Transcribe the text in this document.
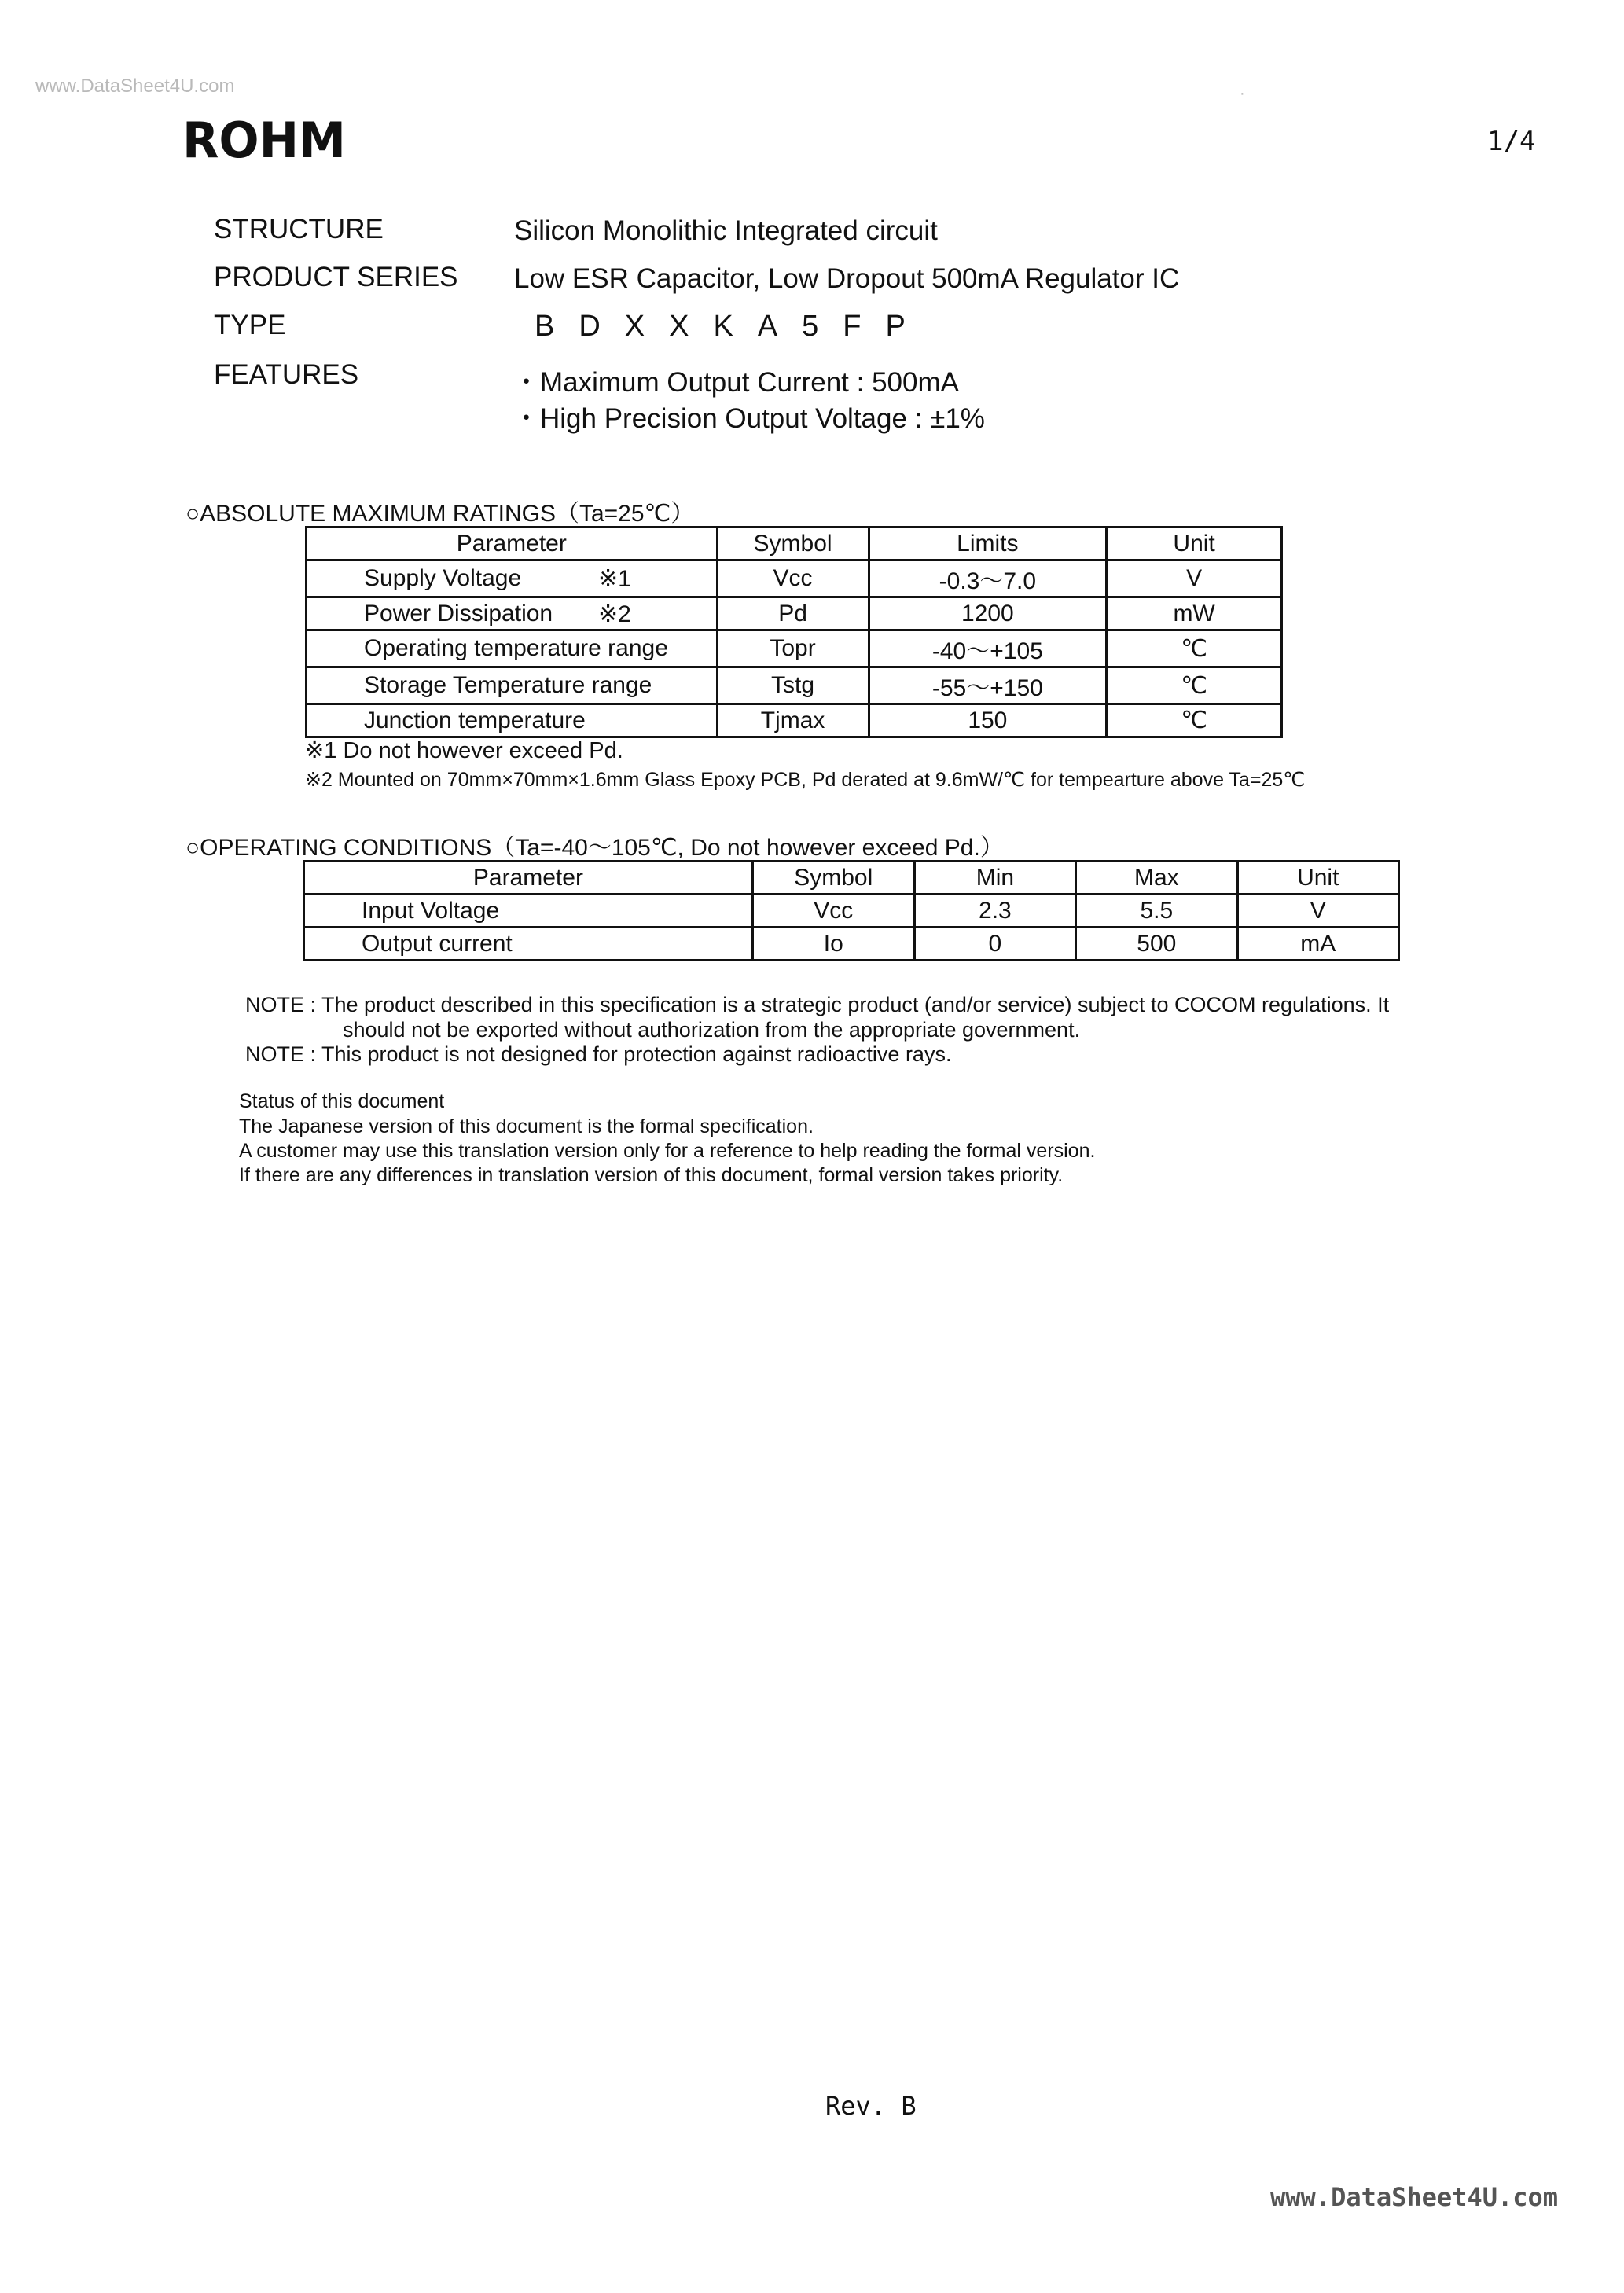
www.DataSheet4U.com	·
ROHM	1/4
STRUCTURE	Silicon Monolithic Integrated circuit
PRODUCT SERIES Low ESR Capacitor, Low Dropout 500mA Regulator IC
TYPE	BDXXKA5FP
FEATURES	・Maximum Output Current : 500mA
・High Precision Output Voltage : ±1%
○ABSOLUTE MAXIMUM RATINGS（Ta=25℃）
Parameter	Symbol	Limits	Unit
Supply Voltage ※1	Vcc	-0.3〜7.0	V
Power Dissipation ※2	Pd	1200	mW
Operating temperature range	Topr	-40〜+105	℃
Storage Temperature range	Tstg	-55〜+150	℃
Junction temperature	Tjmax	150	℃
※1 Do not however exceed Pd.
※2 Mounted on 70mm×70mm×1.6mm Glass Epoxy PCB, Pd derated at 9.6mW/℃ for tempearture above Ta=25℃
○OPERATING CONDITIONS（Ta=-40〜105℃, Do not however exceed Pd.）
Parameter	Symbol	Min	Max	Unit
Input Voltage	Vcc	2.3	5.5	V
Output current	Io	0	500	mA
NOTE : The product described in this specification is a strategic product (and/or service) subject to COCOM regulations. It
should not be exported without authorization from the appropriate government.
NOTE : This product is not designed for protection against radioactive rays.
Status of this document
The Japanese version of this document is the formal specification.
A customer may use this translation version only for a reference to help reading the formal version.
If there are any differences in translation version of this document, formal version takes priority.
Rev. B
www.DataSheet4U.com
